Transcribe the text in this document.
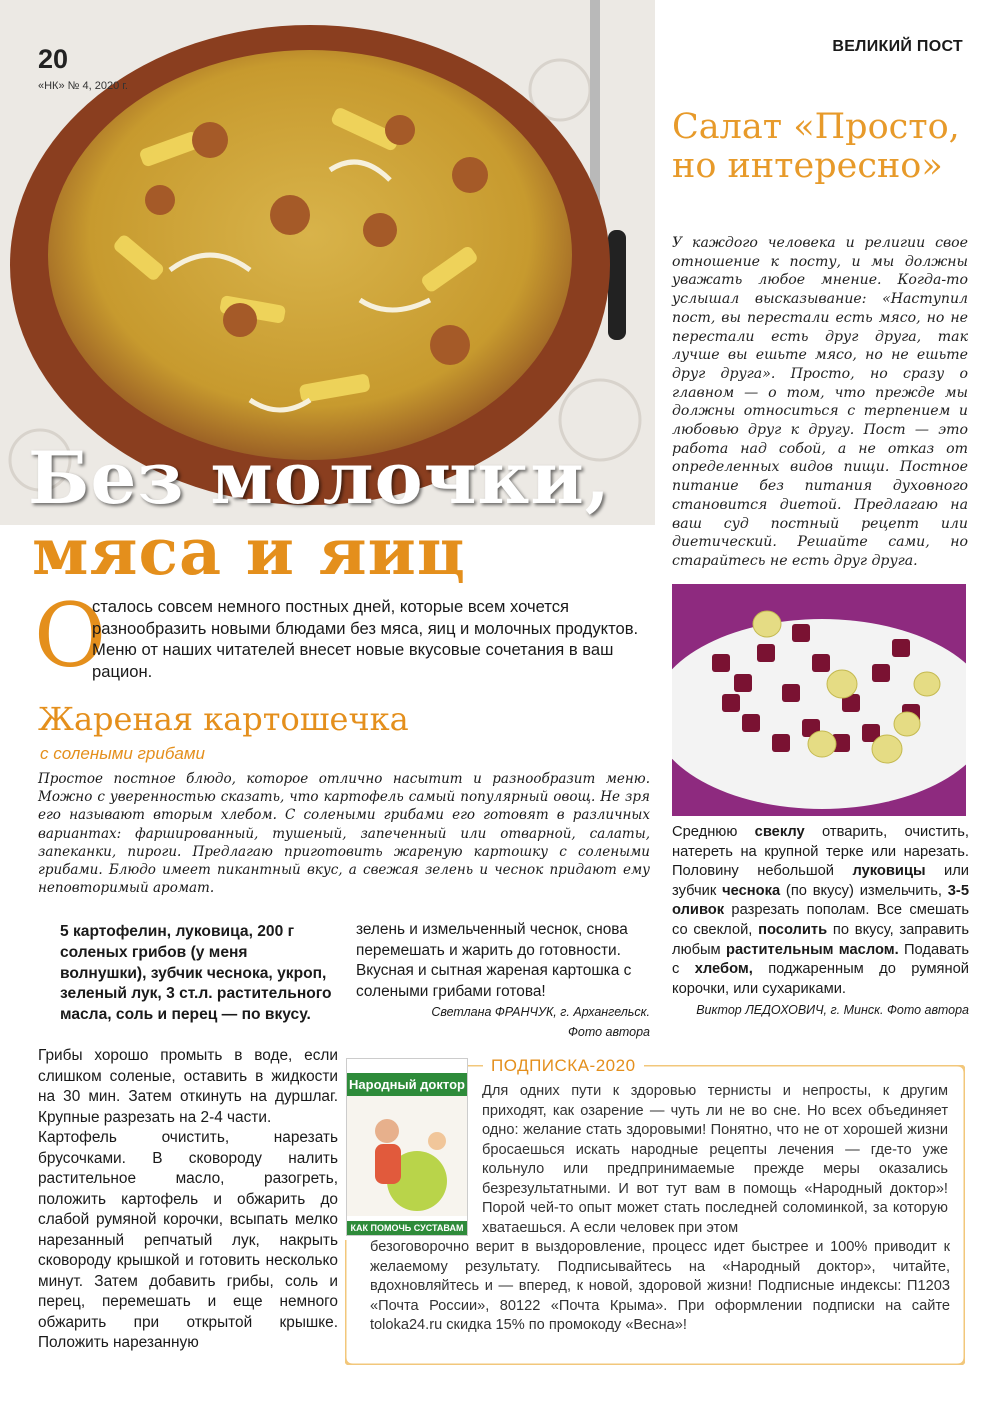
20
«НК» № 4, 2020 г.
ВЕЛИКИЙ ПОСТ
Без молочки,
мяса и яиц
О
сталось совсем немного постных дней, которые всем хочется разнообразить новыми блюдами без мяса, яиц и молочных продуктов. Меню от наших читателей внесет новые вкусовые сочетания в ваш рацион.
Жареная картошечка
с солеными грибами
Простое постное блюдо, которое отлично насытит и разнообразит меню. Можно с уверенностью сказать, что картофель самый популярный овощ. Не зря его называют вторым хлебом. С солеными грибами его готовят в различных вариантах: фаршированный, тушеный, запеченный или отварной, салаты, запеканки, пироги. Предлагаю приготовить жареную картошку с солеными грибами. Блюдо имеет пикантный вкус, а свежая зелень и чеснок придают ему неповторимый аромат.
5 картофелин, луковица, 200 г соленых грибов (у меня волнушки), зубчик чеснока, укроп, зеленый лук, 3 ст.л. растительного масла, соль и перец — по вкусу.

Грибы хорошо промыть в воде, если слишком соленые, оставить в жидкости на 30 мин. Затем откинуть на дуршлаг. Крупные разрезать на 2-4 части.

Картофель очистить, нарезать брусочками. В сковороду налить растительное масло, разогреть, положить картофель и обжарить до слабой румяной корочки, всыпать мелко нарезанный репчатый лук, накрыть сковороду крышкой и готовить несколько минут. Затем добавить грибы, соль и перец, перемешать и еще немного обжарить при открытой крышке. Положить нарезанную

зелень и измельченный чеснок, снова перемешать и жарить до готовности. Вкусная и сытная жареная картошка с солеными грибами готова!
Светлана ФРАНЧУК, г. Архангельск.
Фото автора
Салат «Просто, но интересно»
У каждого человека и религии свое отношение к посту, и мы должны уважать любое мнение. Когда-то услышал высказывание: «Наступил пост, вы перестали есть мясо, но не перестали есть друг друга, так лучше вы ешьте мясо, но не ешьте друг друга». Просто, но сразу о главном — о том, что прежде мы должны относиться с терпением и любовью друг к другу. Пост — это работа над собой, а не отказ от определенных видов пищи. Постное питание без питания духовного становится диетой. Предлагаю на ваш суд постный рецепт или диетический. Решайте сами, но старайтесь не есть друг друга.
Среднюю свеклу отварить, очистить, натереть на крупной терке или нарезать. Половину небольшой луковицы или зубчик чеснока (по вкусу) измельчить, 3-5 оливок разрезать пополам. Все смешать со свеклой, посолить по вкусу, заправить любым растительным маслом. Подавать с хлебом, поджаренным до румяной корочки, или сухариками.
Виктор ЛЕДОХОВИЧ, г. Минск. Фото автора
ПОДПИСКА-2020
Народный доктор
КАК ПОМОЧЬ СУСТАВАМ
Для одних пути к здоровью тернисты и непросты, к другим приходят, как озарение — чуть ли не во сне. Но всех объединяет одно: желание стать здоровыми! Понятно, что не от хорошей жизни бросаешься искать народные рецепты лечения — где-то уже кольнуло или предпринимаемые прежде меры оказались безрезультатными. И вот тут вам в помощь «Народный доктор»! Порой чей-то опыт может стать последней соломинкой, за которую хватаешься. А если человек при этом
безоговорочно верит в выздоровление, процесс идет быстрее и 100% приводит к желаемому результату. Подписывайтесь на «Народный доктор», читайте, вдохновляйтесь и — вперед, к новой, здоровой жизни! Подписные индексы: П1203 «Почта России», 80122 «Почта Крыма». При оформлении подписки на сайте toloka24.ru скидка 15% по промокоду «Весна»!
